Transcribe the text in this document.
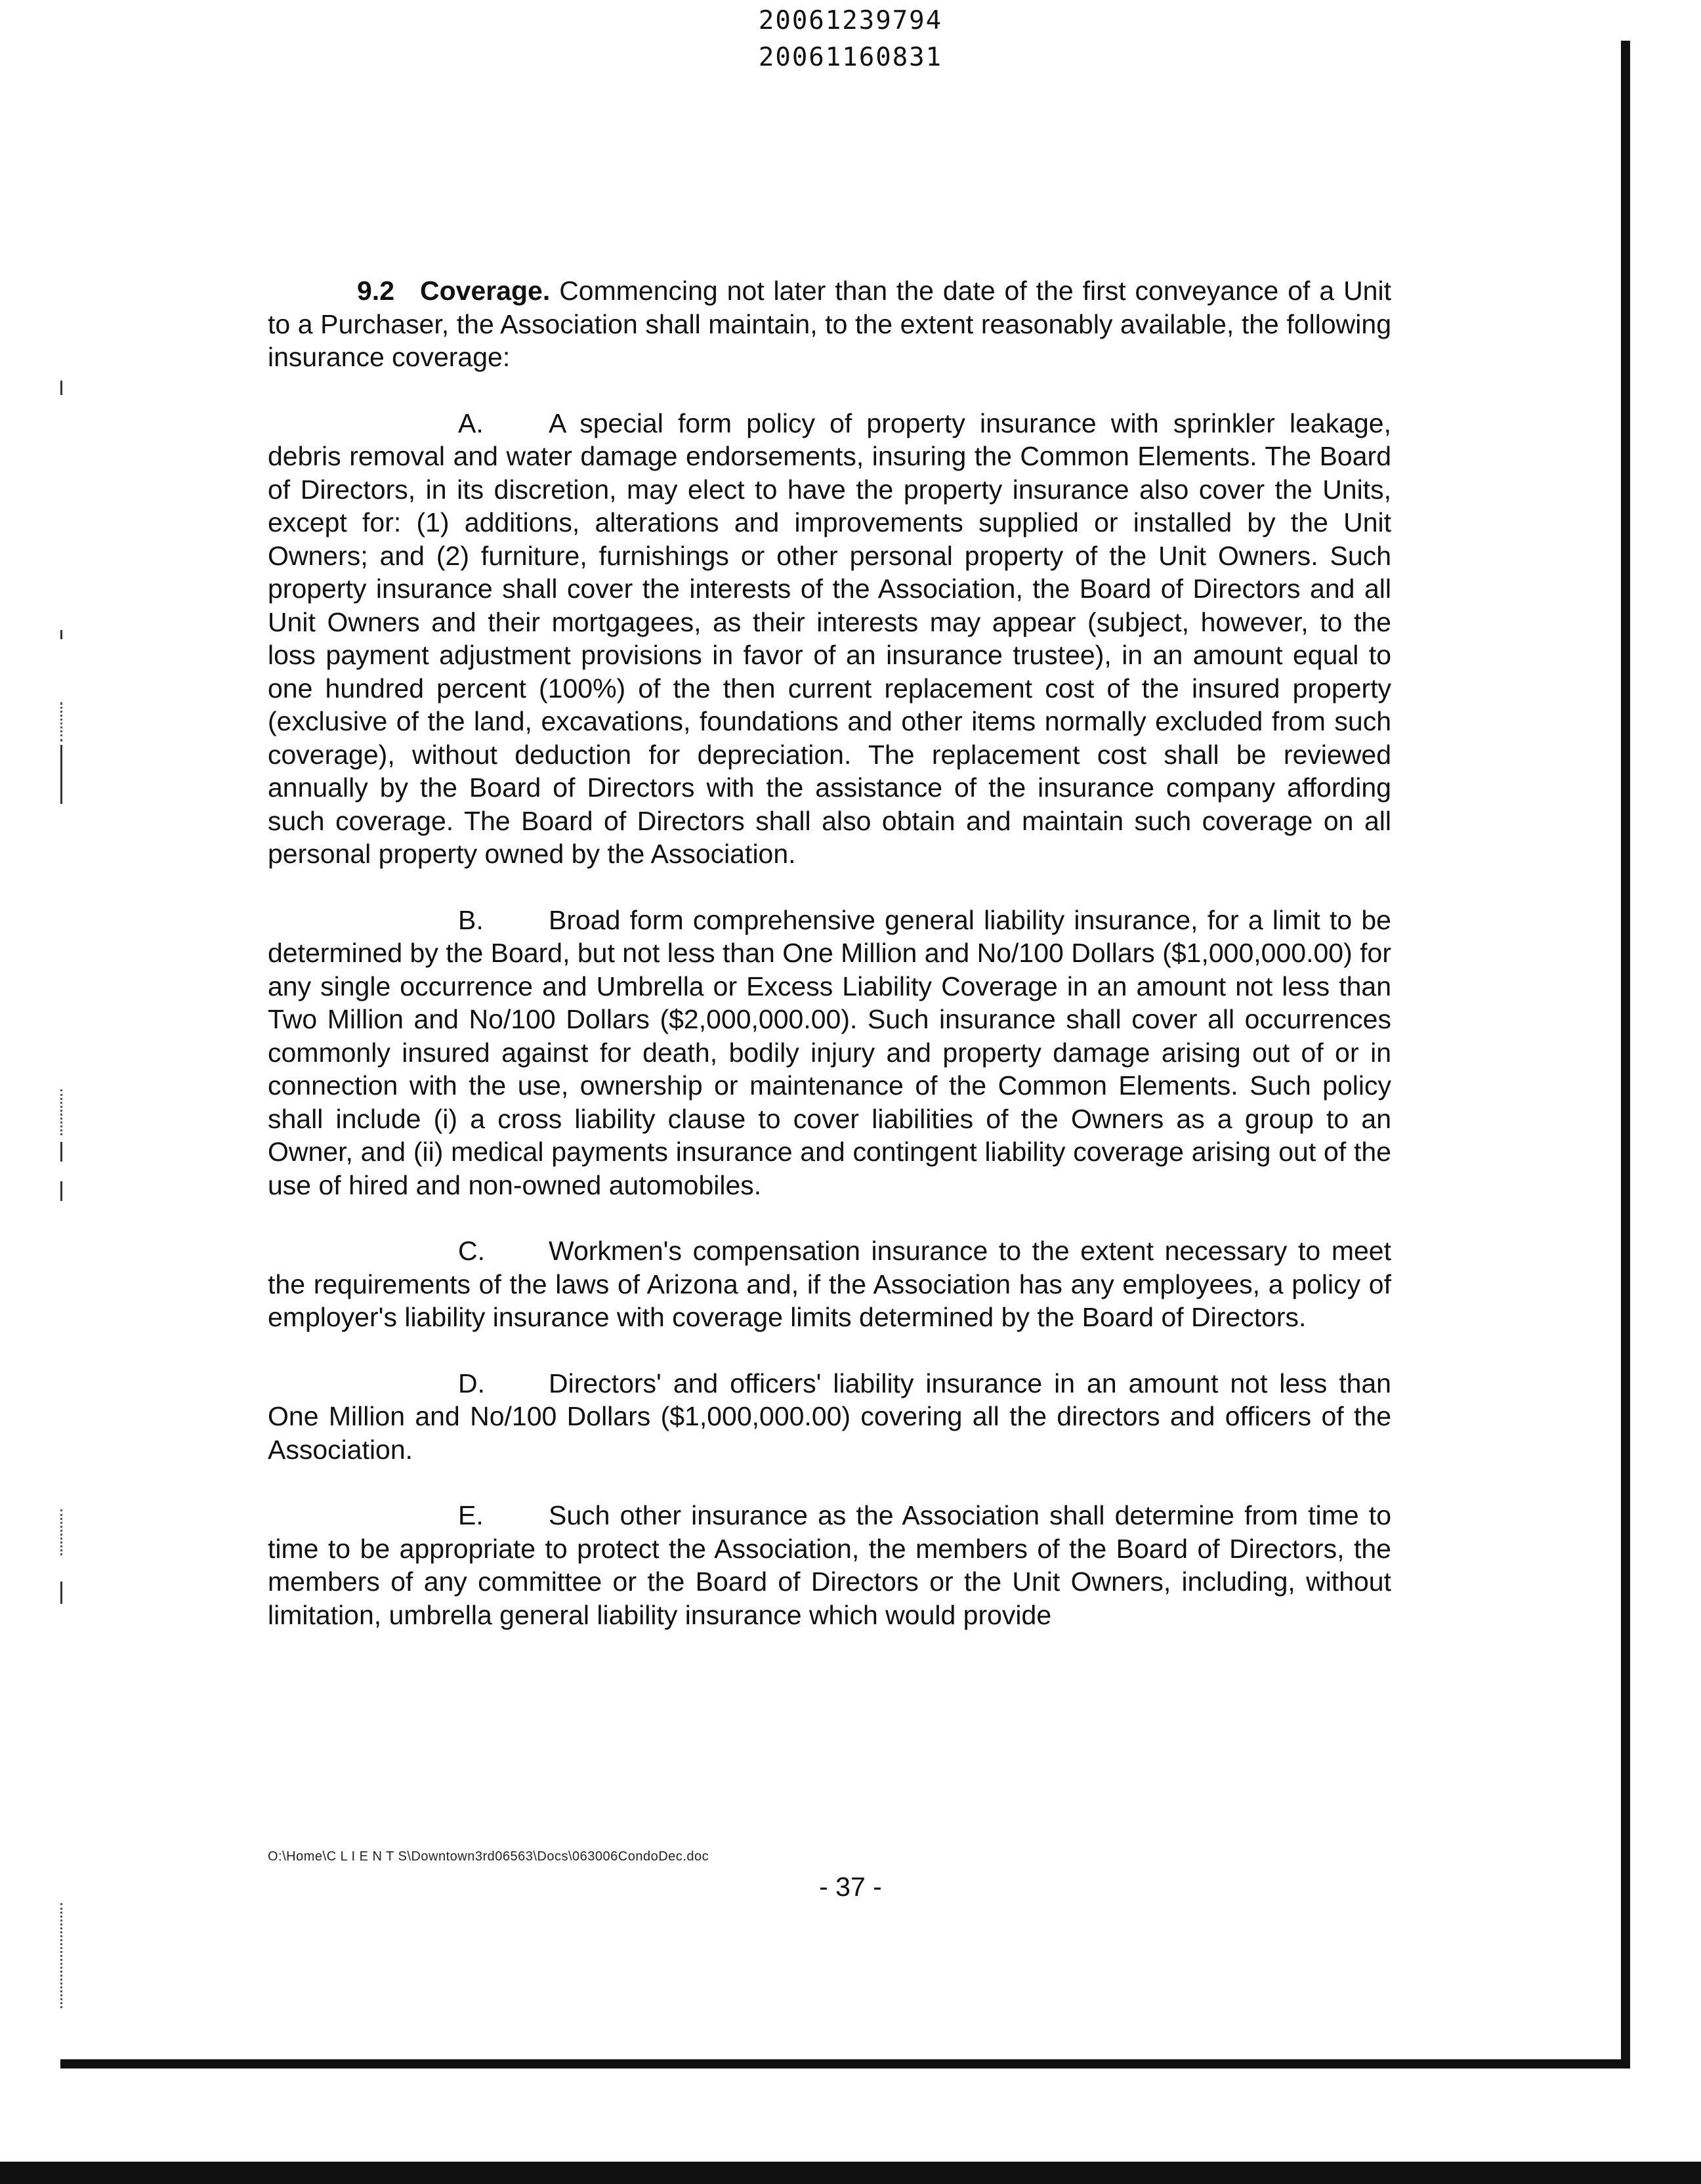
20061239794
20061160831

9.2 Coverage. Commencing not later than the date of the first conveyance of a Unit to a Purchaser, the Association shall maintain, to the extent reasonably available, the following insurance coverage:

A. A special form policy of property insurance with sprinkler leakage, debris removal and water damage endorsements, insuring the Common Elements. The Board of Directors, in its discretion, may elect to have the property insurance also cover the Units, except for: (1) additions, alterations and improvements supplied or installed by the Unit Owners; and (2) furniture, furnishings or other personal property of the Unit Owners. Such property insurance shall cover the interests of the Association, the Board of Directors and all Unit Owners and their mortgagees, as their interests may appear (subject, however, to the loss payment adjustment provisions in favor of an insurance trustee), in an amount equal to one hundred percent (100%) of the then current replacement cost of the insured property (exclusive of the land, excavations, foundations and other items normally excluded from such coverage), without deduction for depreciation. The replacement cost shall be reviewed annually by the Board of Directors with the assistance of the insurance company affording such coverage. The Board of Directors shall also obtain and maintain such coverage on all personal property owned by the Association.

B. Broad form comprehensive general liability insurance, for a limit to be determined by the Board, but not less than One Million and No/100 Dollars ($1,000,000.00) for any single occurrence and Umbrella or Excess Liability Coverage in an amount not less than Two Million and No/100 Dollars ($2,000,000.00). Such insurance shall cover all occurrences commonly insured against for death, bodily injury and property damage arising out of or in connection with the use, ownership or maintenance of the Common Elements. Such policy shall include (i) a cross liability clause to cover liabilities of the Owners as a group to an Owner, and (ii) medical payments insurance and contingent liability coverage arising out of the use of hired and non-owned automobiles.

C. Workmen's compensation insurance to the extent necessary to meet the requirements of the laws of Arizona and, if the Association has any employees, a policy of employer's liability insurance with coverage limits determined by the Board of Directors.

D. Directors' and officers' liability insurance in an amount not less than One Million and No/100 Dollars ($1,000,000.00) covering all the directors and officers of the Association.

E. Such other insurance as the Association shall determine from time to time to be appropriate to protect the Association, the members of the Board of Directors, the members of any committee or the Board of Directors or the Unit Owners, including, without limitation, umbrella general liability insurance which would provide

O:\Home\C L I E N T S\Downtown3rd06563\Docs\063006CondoDec.doc
- 37 -
